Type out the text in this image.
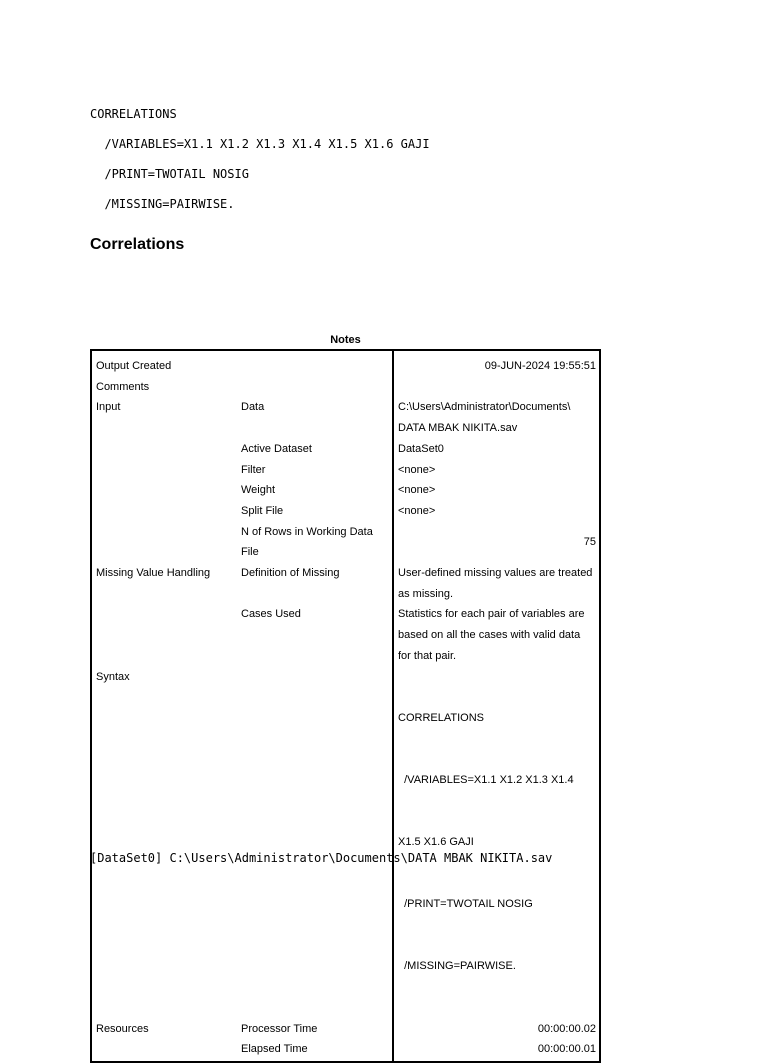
CORRELATIONS

/VARIABLES=X1.1 X1.2 X1.3 X1.4 X1.5 X1.6 GAJI

/PRINT=TWOTAIL NOSIG

/MISSING=PAIRWISE.

Correlations
Notes
Output Created		09-JUN-2024 19:55:51
Comments		
Input	Data	C:\Users\Administrator\Documents\
DATA MBAK NIKITA.sav

	Active Dataset	DataSet0
	Filter	<none>
	Weight	<none>
	Split File	<none>

	N of Rows in Working Data
File	75
Missing Value Handling	Definition of Missing	User-defined missing values are treated
as missing.

	Cases Used	Statistics for each pair of variables are
based on all the cases with valid data
for that pair.

Syntax		CORRELATIONS

/VARIABLES=X1.1 X1.2 X1.3 X1.4

X1.5 X1.6 GAJI

/PRINT=TWOTAIL NOSIG

/MISSING=PAIRWISE.

Resources	Processor Time	00:00:00.02
	Elapsed Time	00:00:00.01
[DataSet0] C:\Users\Administrator\Documents\DATA MBAK NIKITA.sav
